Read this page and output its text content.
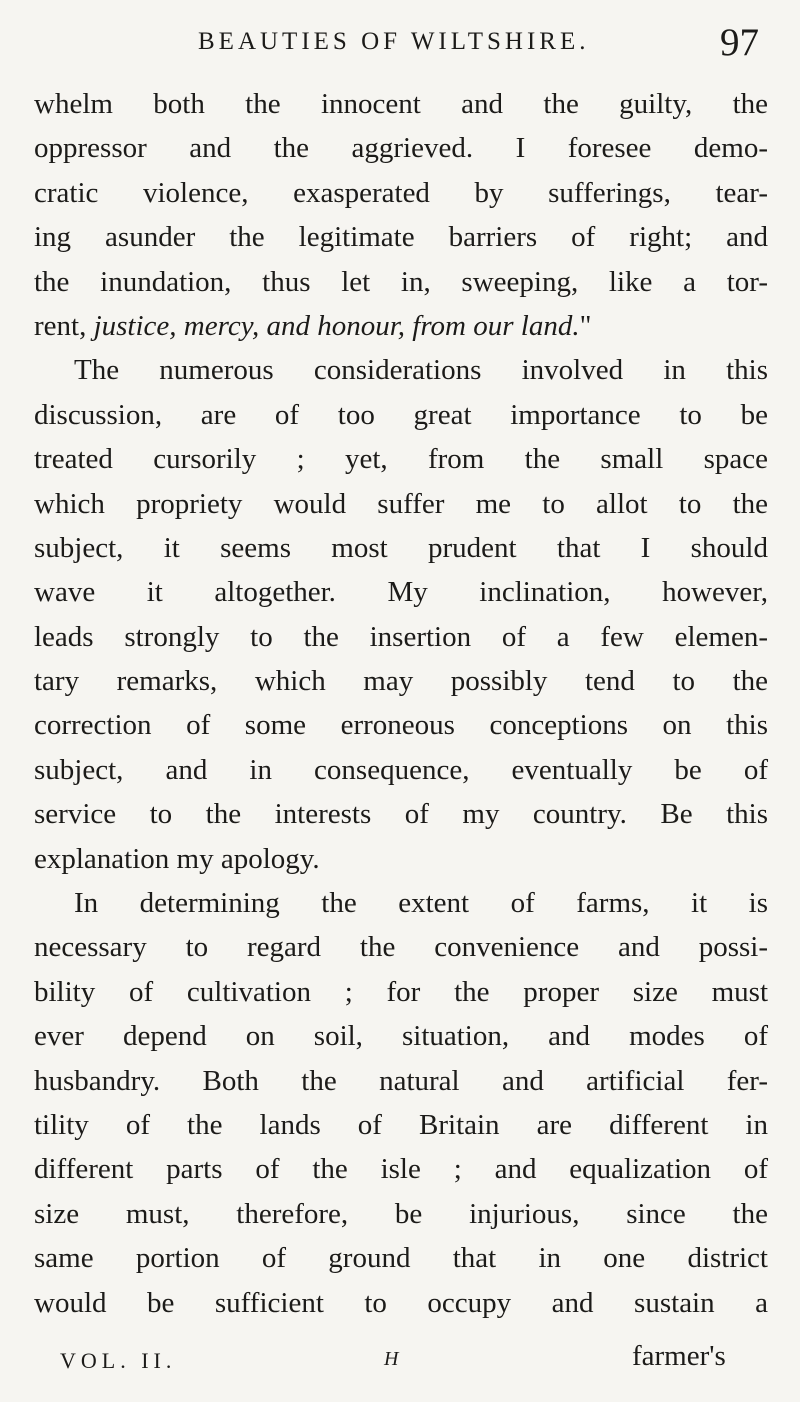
BEAUTIES OF WILTSHIRE.	97
whelm both the innocent and the guilty, the
oppressor and the aggrieved. I foresee demo-
cratic violence, exasperated by sufferings, tear-
ing asunder the legitimate barriers of right; and
the inundation, thus let in, sweeping, like a tor-
rent, justice, mercy, and honour, from our land."
The numerous considerations involved in this
discussion, are of too great importance to be
treated cursorily ; yet, from the small space
which propriety would suffer me to allot to the
subject, it seems most prudent that I should
wave it altogether. My inclination, however,
leads strongly to the insertion of a few elemen-
tary remarks, which may possibly tend to the
correction of some erroneous conceptions on this
subject, and in consequence, eventually be of
service to the interests of my country. Be this
explanation my apology.
In determining the extent of farms, it is
necessary to regard the convenience and possi-
bility of cultivation ; for the proper size must
ever depend on soil, situation, and modes of
husbandry. Both the natural and artificial fer-
tility of the lands of Britain are different in
different parts of the isle ; and equalization of
size must, therefore, be injurious, since the
same portion of ground that in one district
would be sufficient to occupy and sustain a
VOL. II.	H	farmer's
